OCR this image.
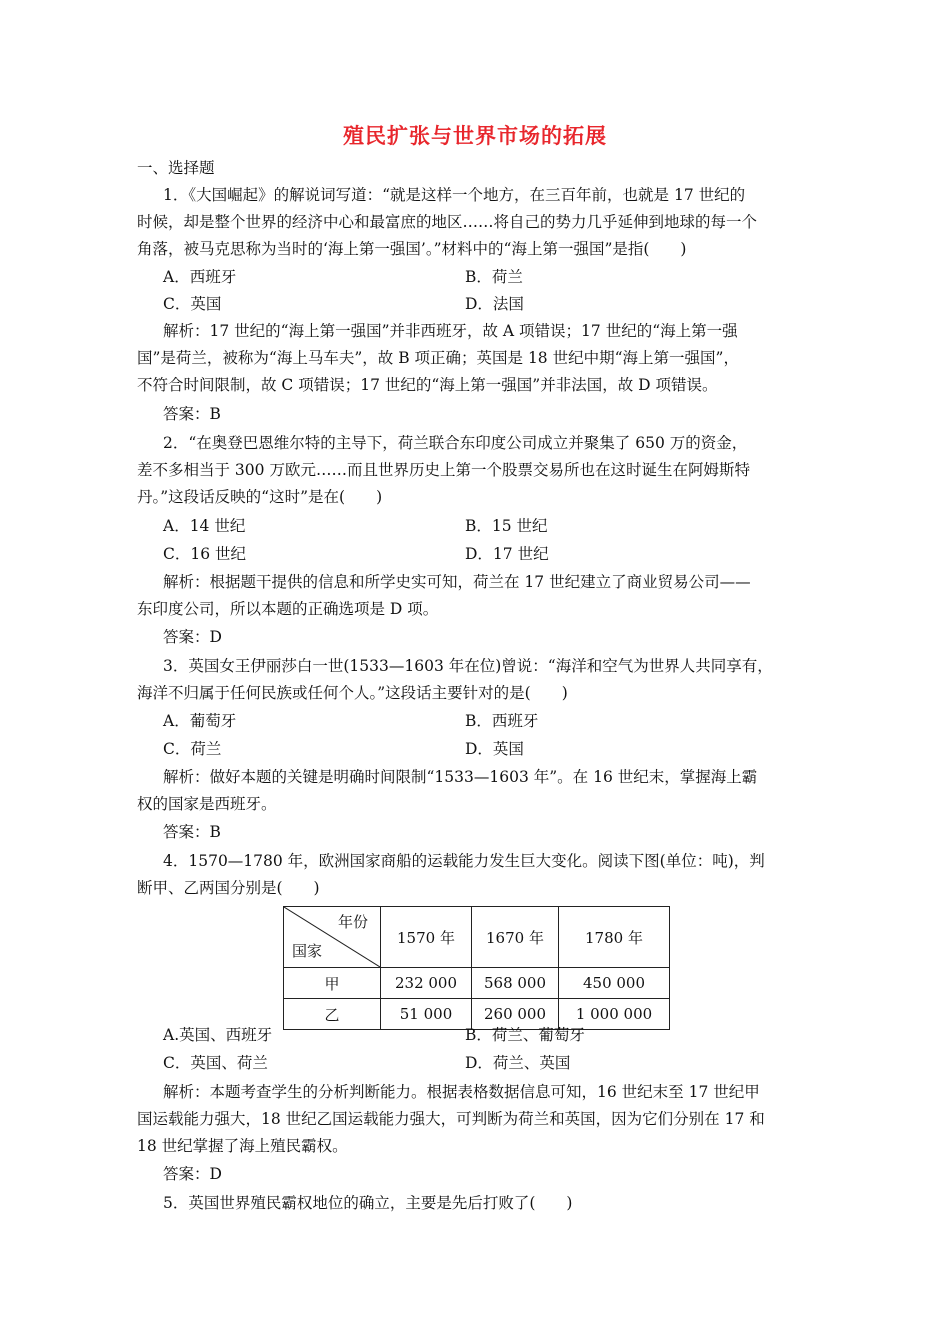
殖民扩张与世界市场的拓展
一、选择题
1．《大国崛起》的解说词写道：“就是这样一个地方，在三百年前，也就是 17 世纪的
时候，却是整个世界的经济中心和最富庶的地区……将自己的势力几乎延伸到地球的每一个
角落，被马克思称为当时的‘海上第一强国’。”材料中的“海上第一强国”是指(　　)
A．西班牙	B．荷兰
C．英国	D．法国
解析：17 世纪的“海上第一强国”并非西班牙，故 A 项错误；17 世纪的“海上第一强
国”是荷兰，被称为“海上马车夫”，故 B 项正确；英国是 18 世纪中期“海上第一强国”，
不符合时间限制，故 C 项错误；17 世纪的“海上第一强国”并非法国，故 D 项错误。
答案：B
2．“在奥登巴恩维尔特的主导下，荷兰联合东印度公司成立并聚集了 650 万的资金，
差不多相当于 300 万欧元……而且世界历史上第一个股票交易所也在这时诞生在阿姆斯特
丹。”这段话反映的“这时”是在(　　)
A．14 世纪	B．15 世纪
C．16 世纪	D．17 世纪
解析：根据题干提供的信息和所学史实可知，荷兰在 17 世纪建立了商业贸易公司——
东印度公司，所以本题的正确选项是 D 项。
答案：D
3．英国女王伊丽莎白一世(1533—1603 年在位)曾说：“海洋和空气为世界人共同享有，
海洋不归属于任何民族或任何个人。”这段话主要针对的是(　　)
A．葡萄牙	B．西班牙
C．荷兰	D．英国
解析：做好本题的关键是明确时间限制“1533—1603 年”。在 16 世纪末，掌握海上霸
权的国家是西班牙。
答案：B
4．1570—1780 年，欧洲国家商船的运载能力发生巨大变化。阅读下图(单位：吨)，判
断甲、乙两国分别是(　　)
年份
国家	1570 年	1670 年	1780 年
甲	232 000	568 000	450 000
乙	51 000	260 000	1 000 000
A.英国、西班牙	B．荷兰、葡萄牙
C．英国、荷兰	D．荷兰、英国
解析：本题考查学生的分析判断能力。根据表格数据信息可知，16 世纪末至 17 世纪甲
国运载能力强大，18 世纪乙国运载能力强大，可判断为荷兰和英国，因为它们分别在 17 和
18 世纪掌握了海上殖民霸权。
答案：D
5．英国世界殖民霸权地位的确立，主要是先后打败了(　　)
